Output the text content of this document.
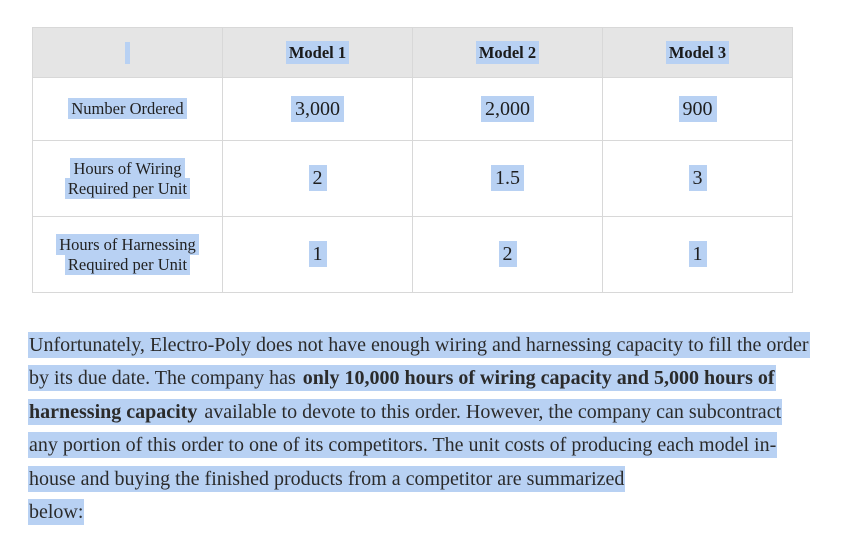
	Model 1	Model 2	Model 3
Number Ordered	3,000	2,000	900
Hours of Wiring Required per Unit	2	1.5	3
Hours of Harnessing Required per Unit	1	2	1
Unfortunately, Electro-Poly does not have enough wiring and harnessing capacity to fill the order by its due date. The company has only 10,000 hours of wiring capacity and 5,000 hours of harnessing capacity available to devote to this order. However, the company can subcontract any portion of this order to one of its competitors. The unit costs of producing each model in-house and buying the finished products from a competitor are summarized
below:
